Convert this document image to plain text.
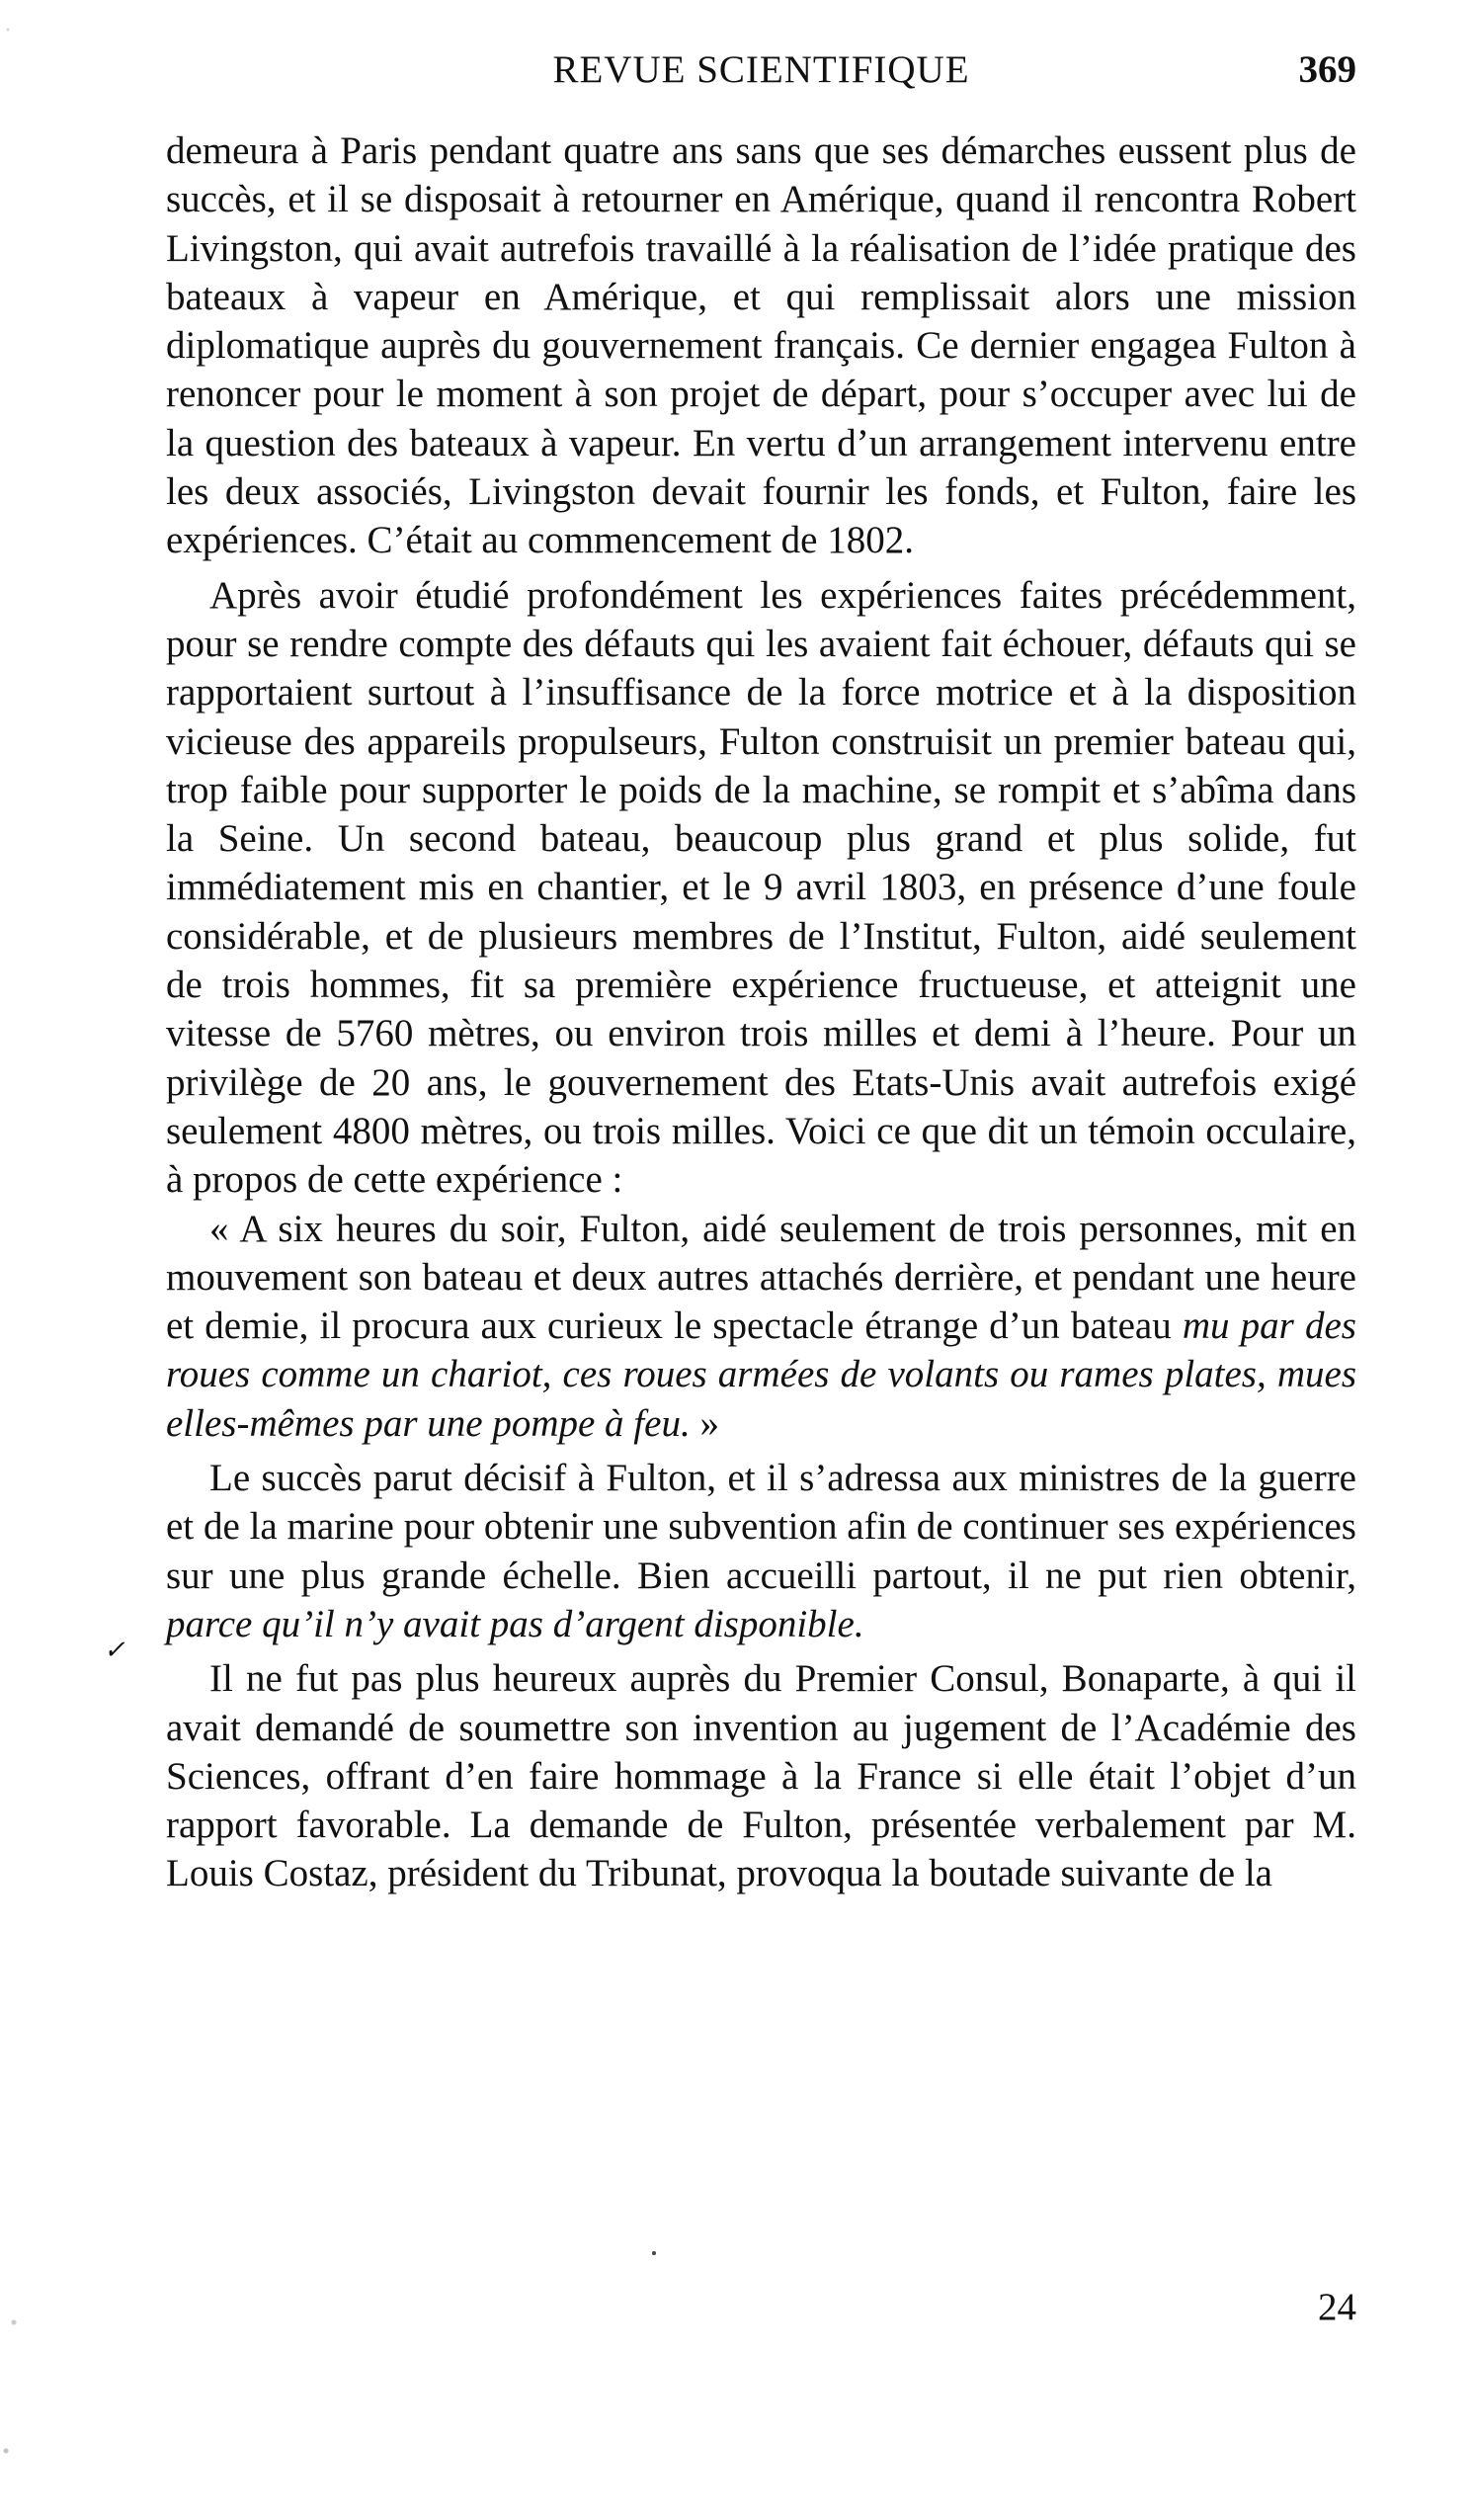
REVUE SCIENTIFIQUE	369

demeura à Paris pendant quatre ans sans que ses démarches eussent plus de succès, et il se disposait à retourner en Amérique, quand il rencontra Robert Livingston, qui avait autrefois travaillé à la réalisation de l’idée pratique des bateaux à vapeur en Amérique, et qui remplissait alors une mission diplomatique auprès du gouvernement français. Ce dernier engagea Fulton à renoncer pour le moment à son projet de départ, pour s’occuper avec lui de la question des bateaux à vapeur. En vertu d’un arrangement intervenu entre les deux associés, Livingston devait fournir les fonds, et Fulton, faire les expériences. C’était au commencement de 1802.

Après avoir étudié profondément les expériences faites précédemment, pour se rendre compte des défauts qui les avaient fait échouer, défauts qui se rapportaient surtout à l’insuffisance de la force motrice et à la disposition vicieuse des appareils propulseurs, Fulton construisit un premier bateau qui, trop faible pour supporter le poids de la machine, se rompit et s’abîma dans la Seine. Un second bateau, beaucoup plus grand et plus solide, fut immédiatement mis en chantier, et le 9 avril 1803, en présence d’une foule considérable, et de plusieurs membres de l’Institut, Fulton, aidé seulement de trois hommes, fit sa première expérience fructueuse, et atteignit une vitesse de 5760 mètres, ou environ trois milles et demi à l’heure. Pour un privilège de 20 ans, le gouvernement des Etats-Unis avait autrefois exigé seulement 4800 mètres, ou trois milles. Voici ce que dit un témoin occulaire, à propos de cette expérience :

« A six heures du soir, Fulton, aidé seulement de trois personnes, mit en mouvement son bateau et deux autres attachés derrière, et pendant une heure et demie, il procura aux curieux le spectacle étrange d’un bateau mu par des roues comme un chariot, ces roues armées de volants ou rames plates, mues elles-mêmes par une pompe à feu. »

Le succès parut décisif à Fulton, et il s’adressa aux ministres de la guerre et de la marine pour obtenir une subvention afin de continuer ses expériences sur une plus grande échelle. Bien accueilli partout, il ne put rien obtenir, parce qu’il n’y avait pas d’argent disponible.

Il ne fut pas plus heureux auprès du Premier Consul, Bonaparte, à qui il avait demandé de soumettre son invention au jugement de l’Académie des Sciences, offrant d’en faire hommage à la France si elle était l’objet d’un rapport favorable. La demande de Fulton, présentée verbalement par M. Louis Costaz, président du Tribunat, provoqua la boutade suivante de la

✓
24
